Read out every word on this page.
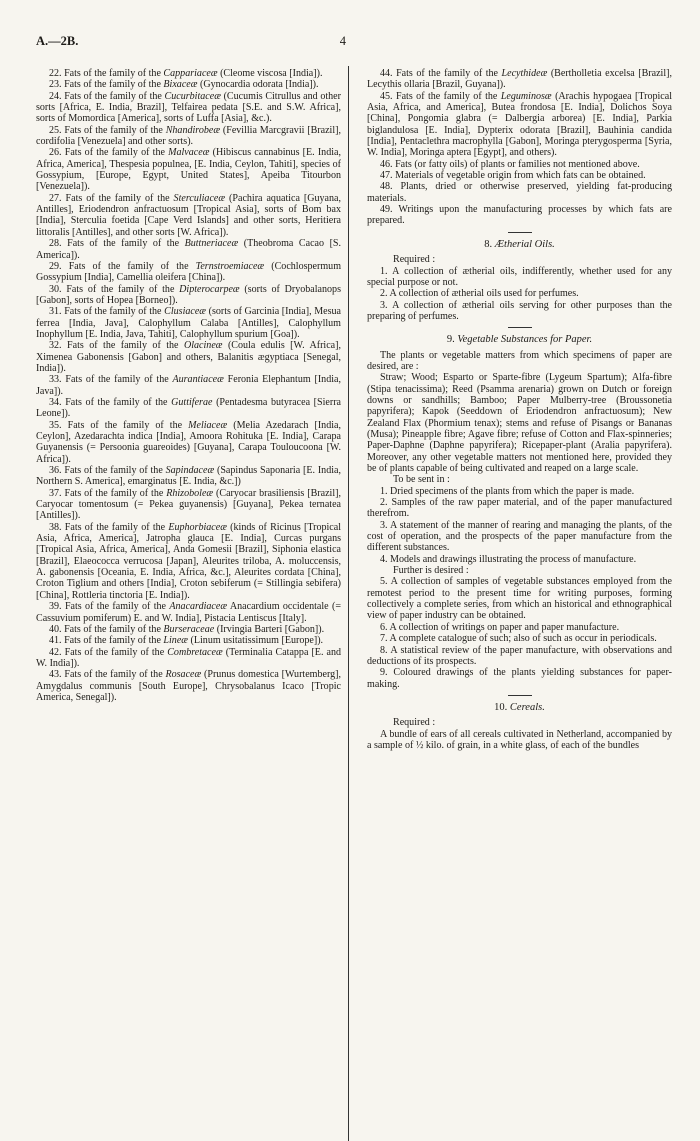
A.—2B.	4

22. Fats of the family of the Cappariaceæ (Cleome viscosa [India]).

23. Fats of the family of the Bixaceæ (Gynocardia odorata [India]).

24. Fats of the family of the Cucurbitaceæ (Cucumis Citrullus and other sorts [Africa, E. India, Brazil], Telfairea pedata [S.E. and S.W. Africa], sorts of Momordica [America], sorts of Luffa [Asia], &c.).

25. Fats of the family of the Nhandirobeæ (Fevillia Marcgravii [Brazil], cordifolia [Venezuela] and other sorts).

26. Fats of the family of the Malvaceæ (Hibiscus cannabinus [E. India, Africa, America], Thespesia populnea, [E. India, Ceylon, Tahiti], species of Gossypium, [Europe, Egypt, United States], Apeiba Titourbon [Venezuela]).

27. Fats of the family of the Sterculiaceæ (Pachira aquatica [Guyana, Antilles], Eriodendron anfractuosum [Tropical Asia], sorts of Bom bax [India], Sterculia foetida [Cape Verd Islands] and other sorts, Heritiera littoralis [Antilles], and other sorts [W. Africa]).

28. Fats of the family of the Buttneriaceæ (Theobroma Cacao [S. America]).

29. Fats of the family of the Ternstroemiaceæ (Cochlospermum Gossypium [India], Camellia oleifera [China]).

30. Fats of the family of the Dipterocarpeæ (sorts of Dryobalanops [Gabon], sorts of Hopea [Borneo]).

31. Fats of the family of the Clusiaceæ (sorts of Garcinia [India], Mesua ferrea [India, Java], Calophyllum Calaba [Antilles], Calophyllum Inophyllum [E. India, Java, Tahiti], Calophyllum spurium [Goa]).

32. Fats of the family of the Olacineæ (Coula edulis [W. Africa], Ximenea Gabonensis [Gabon] and others, Balanitis ægyptiaca [Senegal, India]).

33. Fats of the family of the Aurantiaceæ Feronia Elephantum [India, Java]).

34. Fats of the family of the Guttiferae (Pentadesma butyracea [Sierra Leone]).

35. Fats of the family of the Meliaceæ (Melia Azedarach [India, Ceylon], Azedarachta indica [India], Amoora Rohituka [E. India], Carapa Guyanensis (= Persoonia guareoides) [Guyana], Carapa Touloucoona [W. Africa]).

36. Fats of the family of the Sapindaceæ (Sapindus Saponaria [E. India, Northern S. America], emarginatus [E. India, &c.])

37. Fats of the family of the Rhizoboleæ (Caryocar brasiliensis [Brazil], Caryocar tomentosum (= Pekea guyanensis) [Guyana], Pekea ternatea [Antilles]).

38. Fats of the family of the Euphorbiaceæ (kinds of Ricinus [Tropical Asia, Africa, America], Jatropha glauca [E. India], Curcas purgans [Tropical Asia, Africa, America], Anda Gomesii [Brazil], Siphonia elastica [Brazil], Elaeococca verrucosa [Japan], Aleurites triloba, A. moluccensis, A. gabonensis [Oceania, E. India, Africa, &c.], Aleurites cordata [China], Croton Tiglium and others [India], Croton sebiferum (= Stillingia sebifera) [China], Rottleria tinctoria [E. India]).

39. Fats of the family of the Anacardiaceæ Anacardium occidentale (= Cassuvium pomiferum) E. and W. India], Pistacia Lentiscus [Italy].

40. Fats of the family of the Burseraceae (Irvingia Barteri [Gabon]).

41. Fats of the family of the Lineæ (Linum usitatissimum [Europe]).

42. Fats of the family of the Combretaceæ (Terminalia Catappa [E. and W. India]).

43. Fats of the family of the Rosaceæ (Prunus domestica [Wurtemberg], Amygdalus communis [South Europe], Chrysobalanus Icaco [Tropic America, Senegal]).

44. Fats of the family of the Lecythideæ (Bertholletia excelsa [Brazil], Lecythis ollaria [Brazil, Guyana]).

45. Fats of the family of the Leguminosæ (Arachis hypogaea [Tropical Asia, Africa, and America], Butea frondosa [E. India], Dolichos Soya [China], Pongomia glabra (= Dalbergia arborea) [E. India], Parkia biglandulosa [E. India], Dypterix odorata [Brazil], Bauhinia candida [India], Pentaclethra macrophylla [Gabon], Moringa pterygosperma [Syria, W. India], Moringa aptera [Egypt], and others).

46. Fats (or fatty oils) of plants or families not mentioned above.

47. Materials of vegetable origin from which fats can be obtained.

48. Plants, dried or otherwise preserved, yielding fat-producing materials.

49. Writings upon the manufacturing processes by which fats are prepared.

8. Ætherial Oils.

Required :

1. A collection of ætherial oils, indifferently, whether used for any special purpose or not.

2. A collection of ætherial oils used for perfumes.

3. A collection of ætherial oils serving for other purposes than the preparing of perfumes.

9. Vegetable Substances for Paper.

The plants or vegetable matters from which specimens of paper are desired, are :

Straw; Wood; Esparto or Sparte-fibre (Lygeum Spartum); Alfa-fibre (Stipa tenacissima); Reed (Psamma arenaria) grown on Dutch or foreign downs or sandhills; Bamboo; Paper Mulberry-tree (Broussonetia papyrifera); Kapok (Seeddown of Eriodendron anfractuosum); New Zealand Flax (Phormium tenax); stems and refuse of Pisangs or Bananas (Musa); Pineapple fibre; Agave fibre; refuse of Cotton and Flax-spinneries; Paper-Daphne (Daphne papyrifera); Ricepaper-plant (Aralia papyrifera). Moreover, any other vegetable matters not mentioned here, provided they be of plants capable of being cultivated and reaped on a large scale.

To be sent in :

1. Dried specimens of the plants from which the paper is made.

2. Samples of the raw paper material, and of the paper manufactured therefrom.

3. A statement of the manner of rearing and managing the plants, of the cost of operation, and the prospects of the paper manufacture from the different substances.

4. Models and drawings illustrating the process of manufacture.

Further is desired :

5. A collection of samples of vegetable substances employed from the remotest period to the present time for writing purposes, forming collectively a complete series, from which an historical and ethnographical view of paper industry can be obtained.

6. A collection of writings on paper and paper manufacture.

7. A complete catalogue of such; also of such as occur in periodicals.

8. A statistical review of the paper manufacture, with observations and deductions of its prospects.

9. Coloured drawings of the plants yielding substances for paper-making.

10. Cereals.

Required :

A bundle of ears of all cereals cultivated in Netherland, accompanied by a sample of ½ kilo. of grain, in a white glass, of each of the bundles
